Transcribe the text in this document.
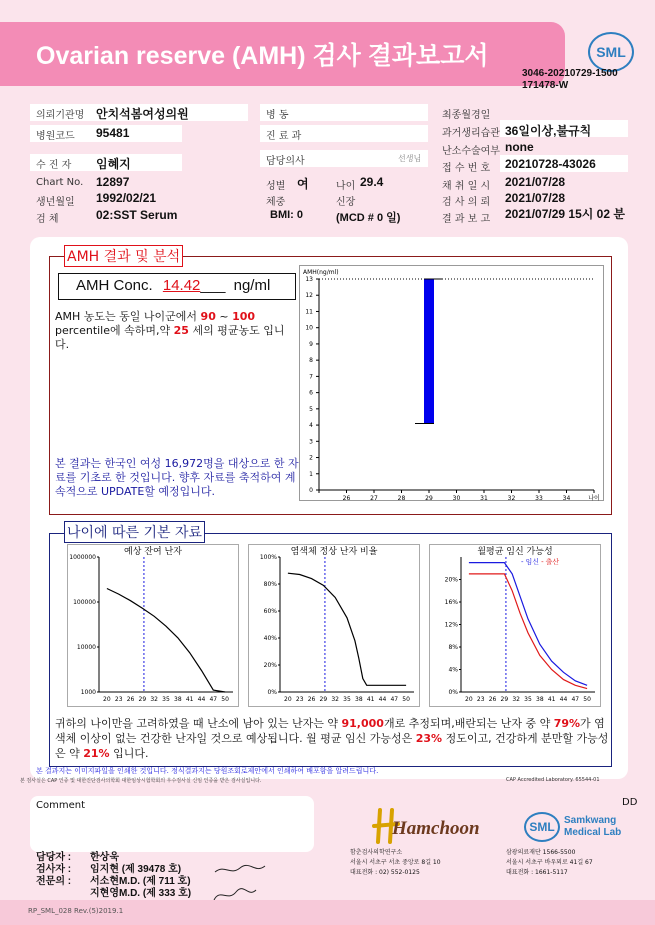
Ovarian reserve (AMH) 검사 결과보고서	SML
3046-20210729-1500
171478-W
의뢰기관명 안치석봄여성의원
병원코드 95481
수 진 자 임혜지
Chart No. 12897
생년월일 1992/02/21
검 체	02:SST Serum
병 동
진 료 과
담당의사	선생님
성별 여	나이 29.4
체중	신장
BMI: 0	(MCD # 0 일)
최종월경일
과거생리습관 36일이상,불규칙
난소수술여부 none
접 수 번 호 20210728-43026
채 취 일 시 2021/07/28
검 사 의 뢰 2021/07/28
결 과 보 고 2021/07/29 15시 02 분
AMH 결과 및 분석
AMH Conc. 14.42___ ng/ml
AMH 농도는 동일 나이군에서 90 ~ 100 percentile에 속하며,약 25 세의 평균농도 입니다.
본 결과는 한국인 여성 16,972명을 대상으로 한 자료를 기초로 한 것입니다. 향후 자료를 축적하여 계속적으로 UPDATE할 예정입니다.
AMH(ng/ml)
0
1
2
3
4
5
6
7
8
9
10
11
12
13
26	27	28	29	30	31	32	33	34	나이
나이에 따른 기본 자료
예상 잔여 난자
1000
10000
100000
1000000
20 23 26 29 32 35 38 41 44 47 50
염색체 정상 난자 비율
0%
20%
40%
60%
80%
100%
20 23 26 29 32 35 38 41 44 47 50
월평균 임신 가능성
- 임신 - 출산
0%
4%
8%
12%
16%
20%
20 23 26 29 32 35 38 41 44 47 50
귀하의 나이만을 고려하였을 때 난소에 남아 있는 난자는 약 91,000개로 추정되며,배란되는 난자 중 약 79%가 염색체 이상이 없는 건강한 난자일 것으로 예상됩니다. 월 평균 임신 가능성은 23% 정도이고, 건강하게 분만할 가능성은 약 21% 입니다.
본 결과지는 이미지파일을 인쇄한 것입니다. 정식결과지는 당원조회로제안에서 인쇄하여 배포함을 알려드립니다.
본 검사실은 CAP 인증 및 대한진단검사의학회 대한임상시험학회의 우수검사실 신임 인증을 받은 검사실입니다.	CAP Accredited Laboratory. 65544-01
Comment	DD
담당자 :
검사자 :
전문의 :
한상욱
임지현 (제 39478 호)
서소현M.D. (제 711 호)
지현영M.D. (제 333 호)
Hamchoon
함춘검사의학연구소
서울시 서초구 서초 중앙로 8길 10
대표전화 : 02) 552-0125
SML Samkwang
Medical Lab
삼광의료재단 1566-5500
서울시 서초구 바우뫼로 41길 67
대표전화 : 1661-5117
RP_SML_028 Rev.(5)2019.1
